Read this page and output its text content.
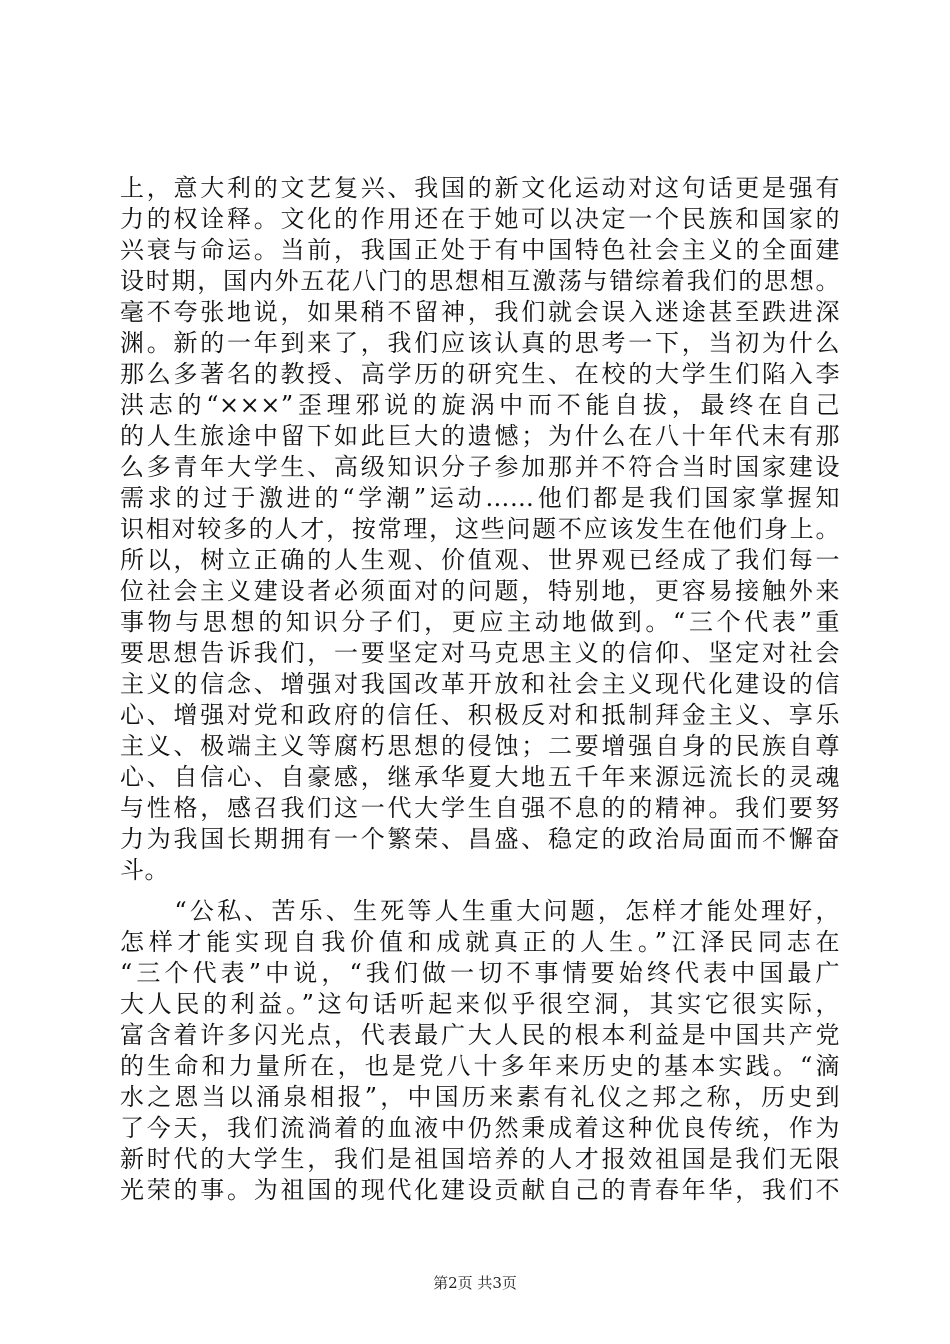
上，意大利的文艺复兴、我国的新文化运动对这句话更是强有
力的权诠释。文化的作用还在于她可以决定一个民族和国家的
兴衰与命运。当前，我国正处于有中国特色社会主义的全面建
设时期，国内外五花八门的思想相互激荡与错综着我们的思想。
毫不夸张地说，如果稍不留神，我们就会误入迷途甚至跌进深
渊。新的一年到来了，我们应该认真的思考一下，当初为什么
那么多著名的教授、高学历的研究生、在校的大学生们陷入李
洪志的“×××”歪理邪说的旋涡中而不能自拔，最终在自己
的人生旅途中留下如此巨大的遗憾；为什么在八十年代末有那
么多青年大学生、高级知识分子参加那并不符合当时国家建设
需求的过于激进的“学潮”运动……他们都是我们国家掌握知
识相对较多的人才，按常理，这些问题不应该发生在他们身上。
所以，树立正确的人生观、价值观、世界观已经成了我们每一
位社会主义建设者必须面对的问题，特别地，更容易接触外来
事物与思想的知识分子们，更应主动地做到。“三个代表”重
要思想告诉我们，一要坚定对马克思主义的信仰、坚定对社会
主义的信念、增强对我国改革开放和社会主义现代化建设的信
心、增强对党和政府的信任、积极反对和抵制拜金主义、享乐
主义、极端主义等腐朽思想的侵蚀；二要增强自身的民族自尊
心、自信心、自豪感，继承华夏大地五千年来源远流长的灵魂
与性格，感召我们这一代大学生自强不息的的精神。我们要努
力为我国长期拥有一个繁荣、昌盛、稳定的政治局面而不懈奋
斗。
　　“公私、苦乐、生死等人生重大问题，怎样才能处理好，
怎样才能实现自我价值和成就真正的人生。”江泽民同志在
“三个代表”中说，“我们做一切不事情要始终代表中国最广
大人民的利益。”这句话听起来似乎很空洞，其实它很实际，
富含着许多闪光点，代表最广大人民的根本利益是中国共产党
的生命和力量所在，也是党八十多年来历史的基本实践。“滴
水之恩当以涌泉相报”，中国历来素有礼仪之邦之称，历史到
了今天，我们流淌着的血液中仍然秉成着这种优良传统，作为
新时代的大学生，我们是祖国培养的人才报效祖国是我们无限
光荣的事。为祖国的现代化建设贡献自己的青春年华，我们不
第2页 共3页
